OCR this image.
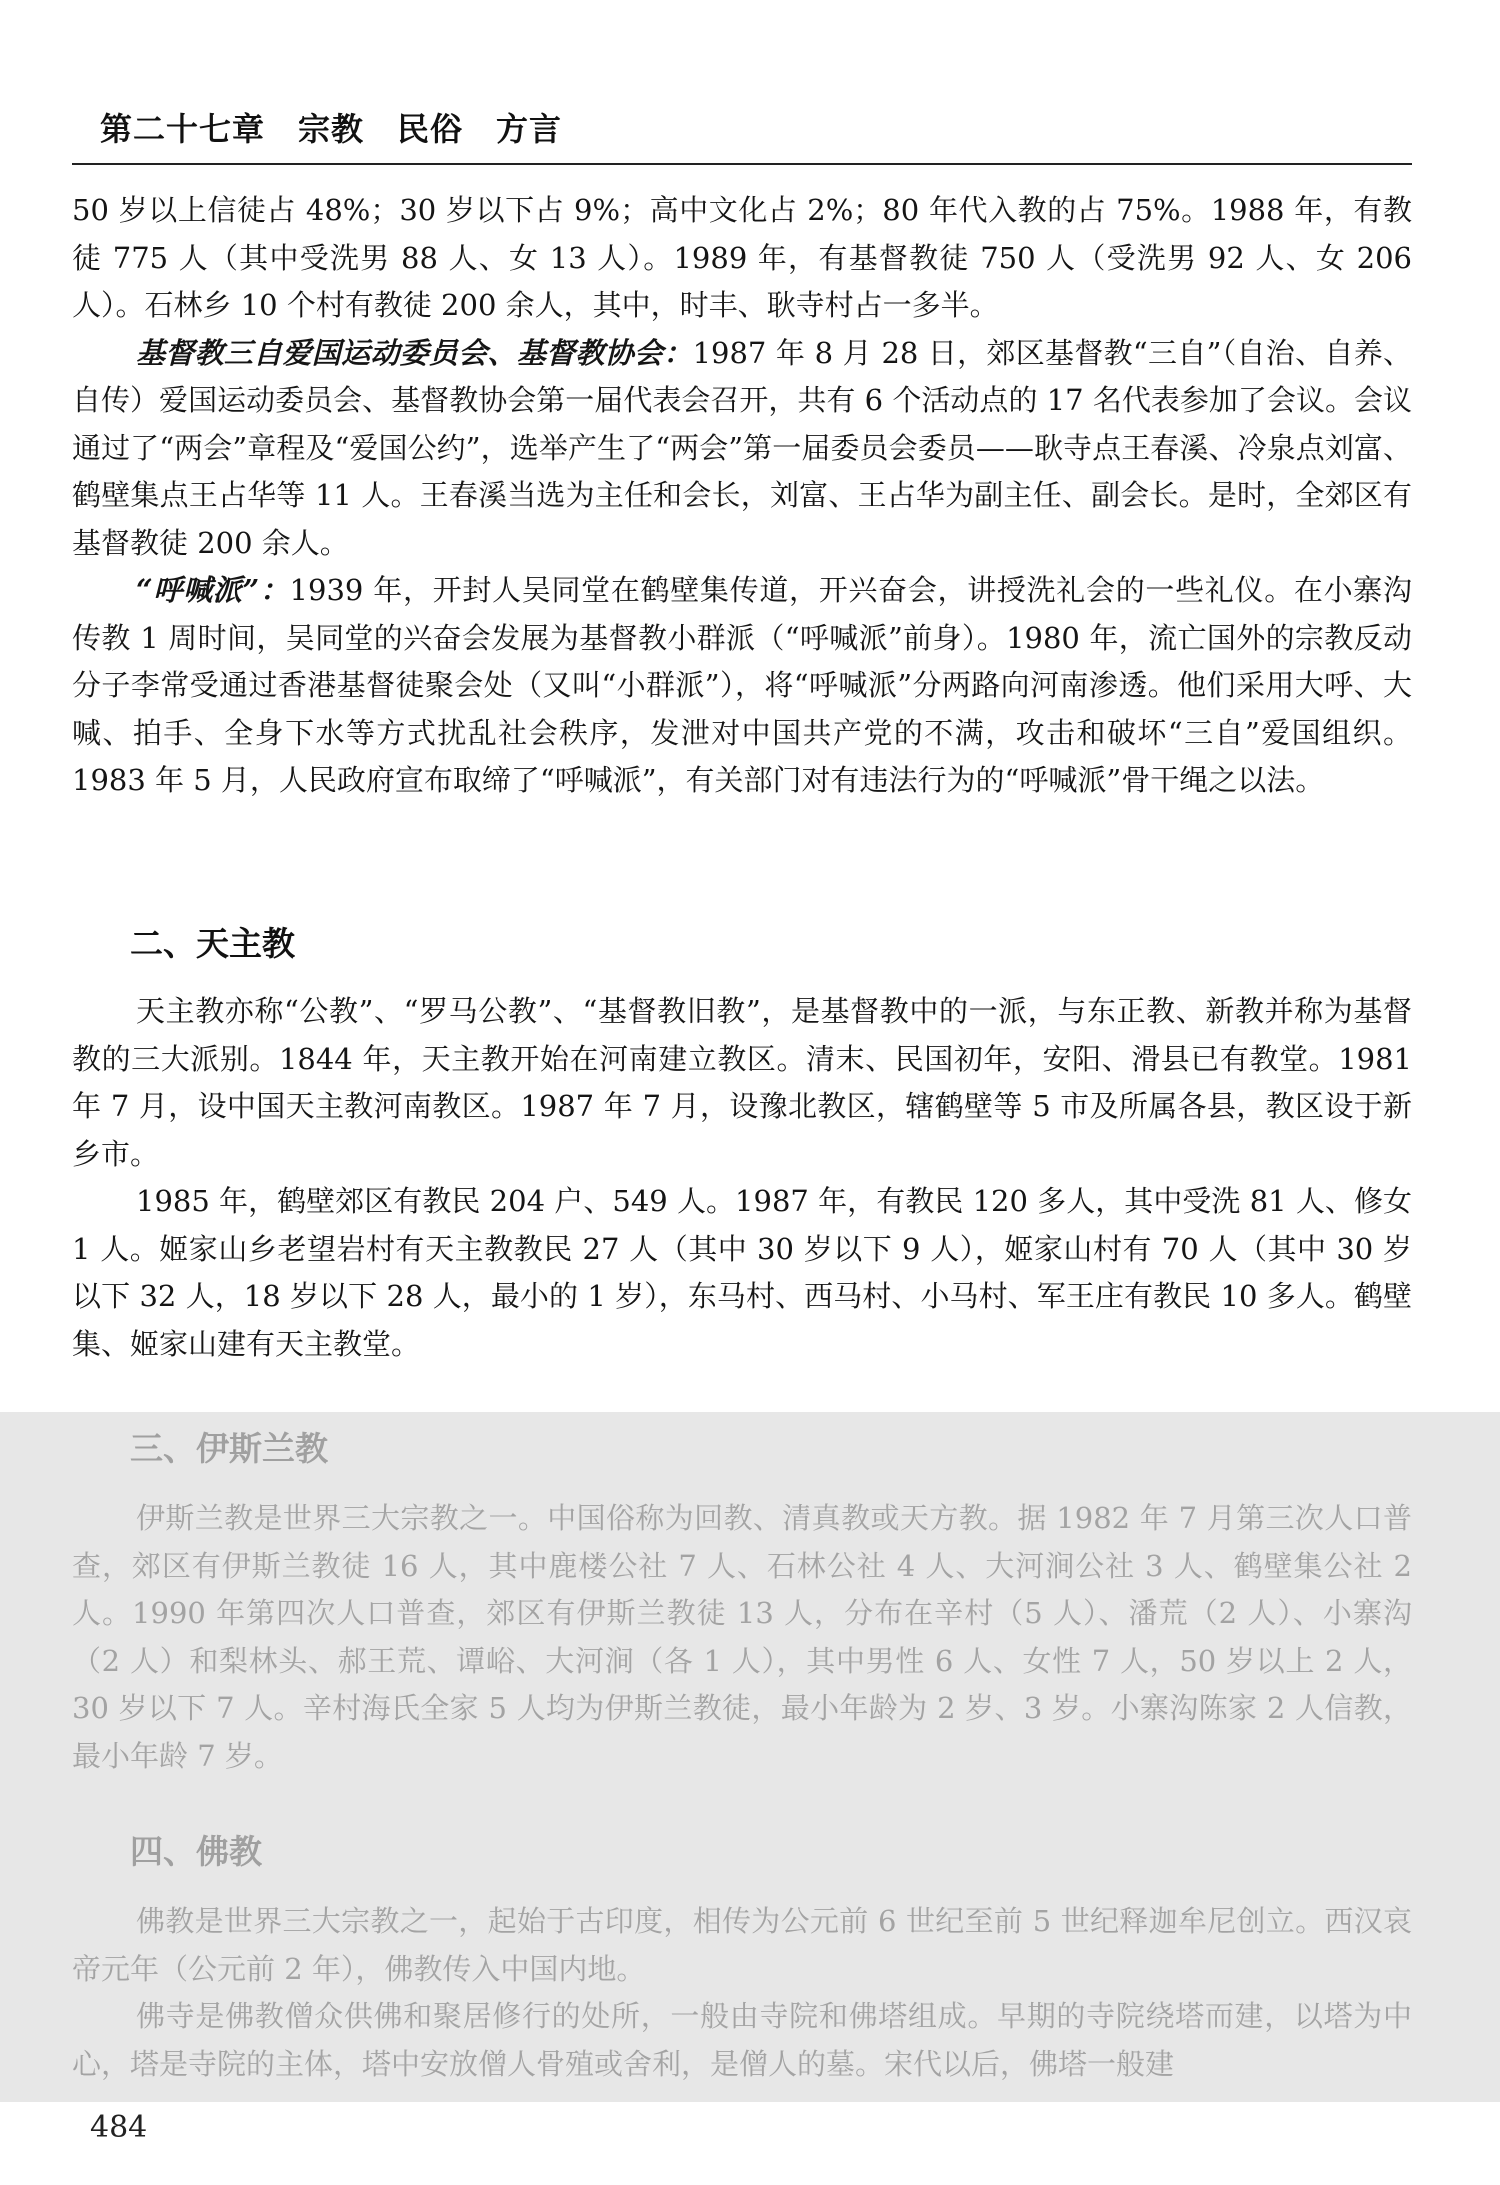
第二十七章　宗教　民俗　方言

50 岁以上信徒占 48%；30 岁以下占 9%；高中文化占 2%；80 年代入教的占 75%。1988 年，有教徒 775 人（其中受洗男 88 人、女 13 人）。1989 年，有基督教徒 750 人（受洗男 92 人、女 206 人）。石林乡 10 个村有教徒 200 余人，其中，时丰、耿寺村占一多半。

基督教三自爱国运动委员会、基督教协会：1987 年 8 月 28 日，郊区基督教“三自”（自治、自养、自传）爱国运动委员会、基督教协会第一届代表会召开，共有 6 个活动点的 17 名代表参加了会议。会议通过了“两会”章程及“爱国公约”，选举产生了“两会”第一届委员会委员——耿寺点王春溪、冷泉点刘富、鹤壁集点王占华等 11 人。王春溪当选为主任和会长，刘富、王占华为副主任、副会长。是时，全郊区有基督教徒 200 余人。

“呼喊派”：1939 年，开封人吴同堂在鹤壁集传道，开兴奋会，讲授洗礼会的一些礼仪。在小寨沟传教 1 周时间，吴同堂的兴奋会发展为基督教小群派（“呼喊派”前身）。1980 年，流亡国外的宗教反动分子李常受通过香港基督徒聚会处（又叫“小群派”），将“呼喊派”分两路向河南渗透。他们采用大呼、大喊、拍手、全身下水等方式扰乱社会秩序，发泄对中国共产党的不满，攻击和破坏“三自”爱国组织。1983 年 5 月，人民政府宣布取缔了“呼喊派”，有关部门对有违法行为的“呼喊派”骨干绳之以法。

二、天主教

天主教亦称“公教”、“罗马公教”、“基督教旧教”，是基督教中的一派，与东正教、新教并称为基督教的三大派别。1844 年，天主教开始在河南建立教区。清末、民国初年，安阳、滑县已有教堂。1981 年 7 月，设中国天主教河南教区。1987 年 7 月，设豫北教区，辖鹤壁等 5 市及所属各县，教区设于新乡市。

1985 年，鹤壁郊区有教民 204 户、549 人。1987 年，有教民 120 多人，其中受洗 81 人、修女 1 人。姬家山乡老望岩村有天主教教民 27 人（其中 30 岁以下 9 人），姬家山村有 70 人（其中 30 岁以下 32 人，18 岁以下 28 人，最小的 1 岁），东马村、西马村、小马村、军王庄有教民 10 多人。鹤壁集、姬家山建有天主教堂。

三、伊斯兰教

伊斯兰教是世界三大宗教之一。中国俗称为回教、清真教或天方教。据 1982 年 7 月第三次人口普查，郊区有伊斯兰教徒 16 人，其中鹿楼公社 7 人、石林公社 4 人、大河涧公社 3 人、鹤壁集公社 2 人。1990 年第四次人口普查，郊区有伊斯兰教徒 13 人，分布在辛村（5 人）、潘荒（2 人）、小寨沟（2 人）和梨林头、郝王荒、谭峪、大河涧（各 1 人），其中男性 6 人、女性 7 人，50 岁以上 2 人，30 岁以下 7 人。辛村海氏全家 5 人均为伊斯兰教徒，最小年龄为 2 岁、3 岁。小寨沟陈家 2 人信教，最小年龄 7 岁。

四、佛教

佛教是世界三大宗教之一，起始于古印度，相传为公元前 6 世纪至前 5 世纪释迦牟尼创立。西汉哀帝元年（公元前 2 年），佛教传入中国内地。

佛寺是佛教僧众供佛和聚居修行的处所，一般由寺院和佛塔组成。早期的寺院绕塔而建，以塔为中心，塔是寺院的主体，塔中安放僧人骨殖或舍利，是僧人的墓。宋代以后，佛塔一般建

484
